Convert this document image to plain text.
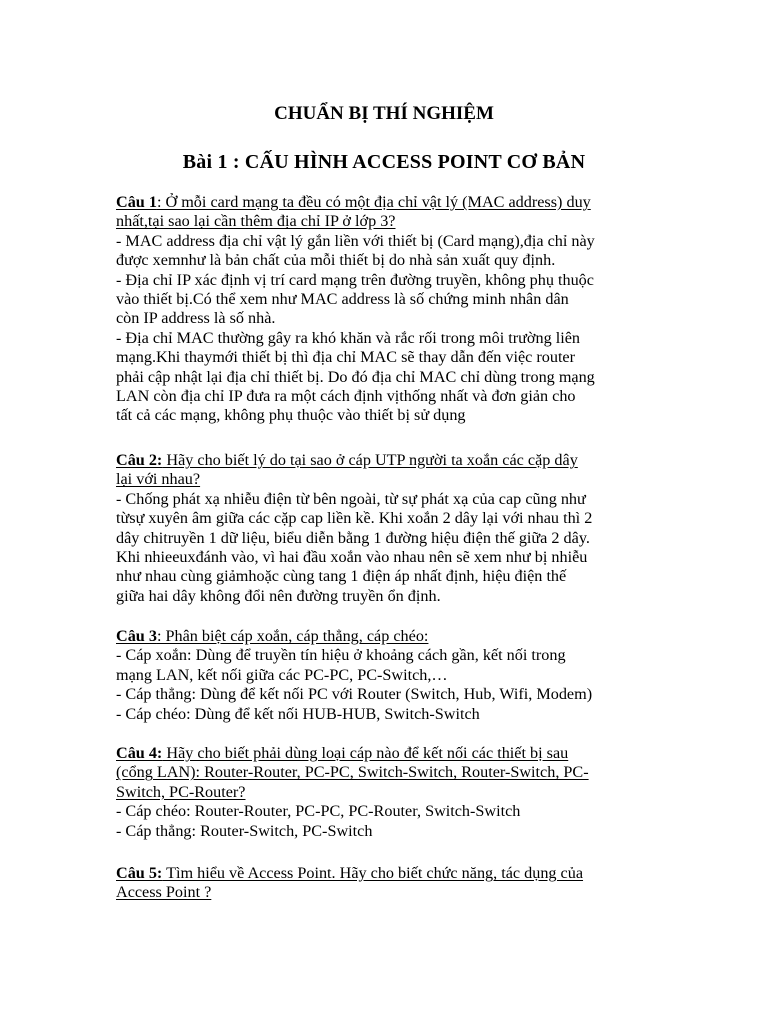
CHUẨN BỊ THÍ NGHIỆM
Bài 1 : CẤU HÌNH ACCESS POINT CƠ BẢN
Câu 1: Ở mỗi card mạng ta đều có một địa chỉ vật lý (MAC address) duy
nhất,tại sao lại cần thêm địa chỉ IP ở lớp 3?
- MAC address địa chỉ vật lý gắn liền với thiết bị (Card mạng),địa chỉ này
được xemnhư là bản chất của mỗi thiết bị do nhà sản xuất quy định.
- Địa chỉ IP xác định vị trí card mạng trên đường truyền, không phụ thuộc
vào thiết bị.Có thể xem như MAC address là số chứng minh nhân dân
còn IP address là số nhà.
- Địa chỉ MAC thường gây ra khó khăn và rắc rối trong môi trường liên
mạng.Khi thaymới thiết bị thì địa chỉ MAC sẽ thay dẫn đến việc router
phải cập nhật lại địa chỉ thiết bị. Do đó địa chỉ MAC chỉ dùng trong mạng
LAN còn địa chỉ IP đưa ra một cách định vịthống nhất và đơn giản cho
tất cả các mạng, không phụ thuộc vào thiết bị sử dụng
Câu 2: Hãy cho biết lý do tại sao ở cáp UTP người ta xoắn các cặp dây
lại với nhau?
- Chống phát xạ nhiễu điện từ bên ngoài, từ sự phát xạ của cap cũng như
từsự xuyên âm giữa các cặp cap liền kề. Khi xoắn 2 dây lại với nhau thì 2
dây chitruyền 1 dữ liệu, biểu diễn bằng 1 đường hiệu điện thế giữa 2 dây.
Khi nhieeuxđánh vào, vì hai đầu xoắn vào nhau nên sẽ xem như bị nhiễu
như nhau cùng giảmhoặc cùng tang 1 điện áp nhất định, hiệu điện thế
giữa hai dây không đổi nên đường truyền ổn định.
Câu 3: Phân biệt cáp xoắn, cáp thẳng, cáp chéo:
- Cáp xoắn: Dùng để truyền tín hiệu ở khoảng cách gần, kết nối trong
mạng LAN, kết nối giữa các PC-PC, PC-Switch,…
- Cáp thẳng: Dùng để kết nối PC với Router (Switch, Hub, Wifi, Modem)
- Cáp chéo: Dùng để kết nối HUB-HUB, Switch-Switch
Câu 4: Hãy cho biết phải dùng loại cáp nào để kết nối các thiết bị sau
(cổng LAN): Router-Router, PC-PC, Switch-Switch, Router-Switch, PC-
Switch, PC-Router?
- Cáp chéo: Router-Router, PC-PC, PC-Router, Switch-Switch
- Cáp thẳng: Router-Switch, PC-Switch
Câu 5: Tìm hiểu về Access Point. Hãy cho biết chức năng, tác dụng của
Access Point ?
